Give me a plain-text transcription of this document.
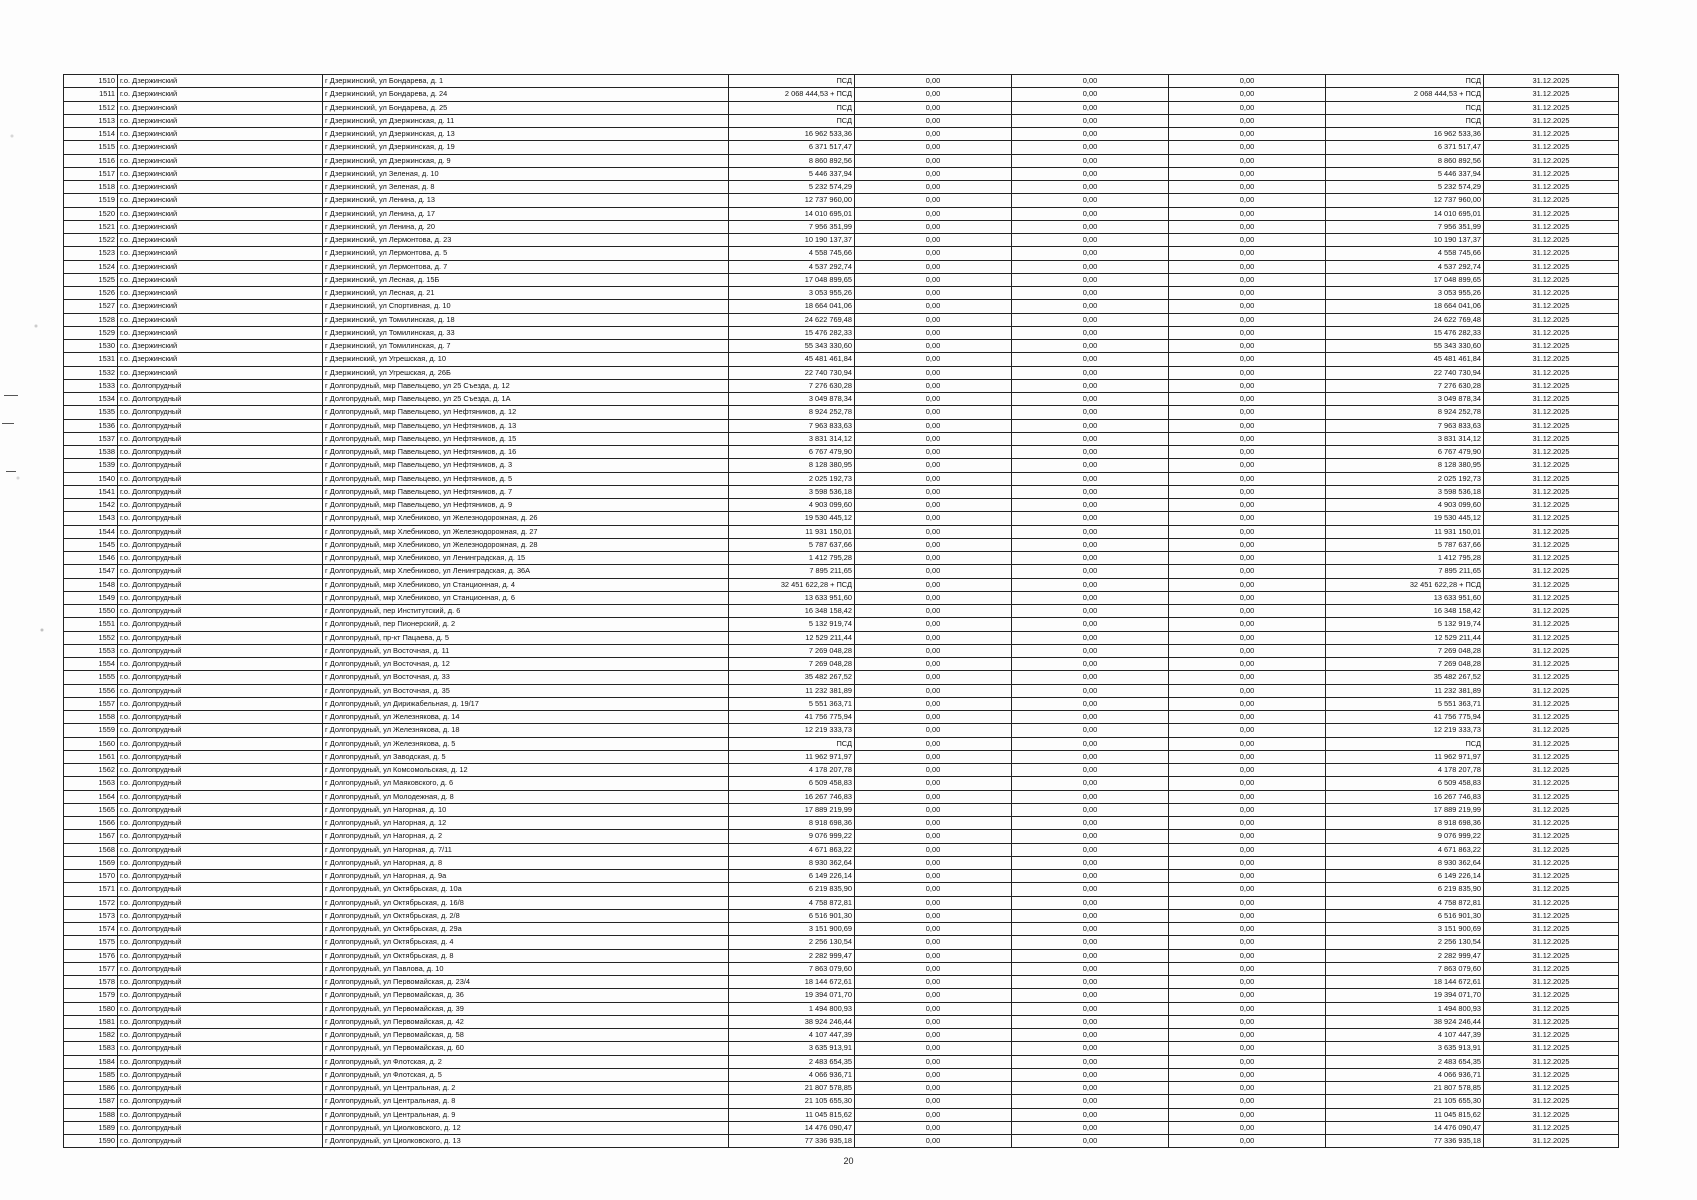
1510	г.о. Дзержинский	г Дзержинский, ул Бондарева, д. 1	ПСД	0,00	0,00	0,00	ПСД	31.12.2025
1511	г.о. Дзержинский	г Дзержинский, ул Бондарева, д. 24	2 068 444,53 + ПСД	0,00	0,00	0,00	2 068 444,53 + ПСД	31.12.2025
1512	г.о. Дзержинский	г Дзержинский, ул Бондарева, д. 25	ПСД	0,00	0,00	0,00	ПСД	31.12.2025
1513	г.о. Дзержинский	г Дзержинский, ул Дзержинская, д. 11	ПСД	0,00	0,00	0,00	ПСД	31.12.2025
1514	г.о. Дзержинский	г Дзержинский, ул Дзержинская, д. 13	16 962 533,36	0,00	0,00	0,00	16 962 533,36	31.12.2025
1515	г.о. Дзержинский	г Дзержинский, ул Дзержинская, д. 19	6 371 517,47	0,00	0,00	0,00	6 371 517,47	31.12.2025
1516	г.о. Дзержинский	г Дзержинский, ул Дзержинская, д. 9	8 860 892,56	0,00	0,00	0,00	8 860 892,56	31.12.2025
1517	г.о. Дзержинский	г Дзержинский, ул Зеленая, д. 10	5 446 337,94	0,00	0,00	0,00	5 446 337,94	31.12.2025
1518	г.о. Дзержинский	г Дзержинский, ул Зеленая, д. 8	5 232 574,29	0,00	0,00	0,00	5 232 574,29	31.12.2025
1519	г.о. Дзержинский	г Дзержинский, ул Ленина, д. 13	12 737 960,00	0,00	0,00	0,00	12 737 960,00	31.12.2025
1520	г.о. Дзержинский	г Дзержинский, ул Ленина, д. 17	14 010 695,01	0,00	0,00	0,00	14 010 695,01	31.12.2025
1521	г.о. Дзержинский	г Дзержинский, ул Ленина, д. 20	7 956 351,99	0,00	0,00	0,00	7 956 351,99	31.12.2025
1522	г.о. Дзержинский	г Дзержинский, ул Лермонтова, д. 23	10 190 137,37	0,00	0,00	0,00	10 190 137,37	31.12.2025
1523	г.о. Дзержинский	г Дзержинский, ул Лермонтова, д. 5	4 558 745,66	0,00	0,00	0,00	4 558 745,66	31.12.2025
1524	г.о. Дзержинский	г Дзержинский, ул Лермонтова, д. 7	4 537 292,74	0,00	0,00	0,00	4 537 292,74	31.12.2025
1525	г.о. Дзержинский	г Дзержинский, ул Лесная, д. 15Б	17 048 899,65	0,00	0,00	0,00	17 048 899,65	31.12.2025
1526	г.о. Дзержинский	г Дзержинский, ул Лесная, д. 21	3 053 955,26	0,00	0,00	0,00	3 053 955,26	31.12.2025
1527	г.о. Дзержинский	г Дзержинский, ул Спортивная, д. 10	18 664 041,06	0,00	0,00	0,00	18 664 041,06	31.12.2025
1528	г.о. Дзержинский	г Дзержинский, ул Томилинская, д. 18	24 622 769,48	0,00	0,00	0,00	24 622 769,48	31.12.2025
1529	г.о. Дзержинский	г Дзержинский, ул Томилинская, д. 33	15 476 282,33	0,00	0,00	0,00	15 476 282,33	31.12.2025
1530	г.о. Дзержинский	г Дзержинский, ул Томилинская, д. 7	55 343 330,60	0,00	0,00	0,00	55 343 330,60	31.12.2025
1531	г.о. Дзержинский	г Дзержинский, ул Угрешская, д. 10	45 481 461,84	0,00	0,00	0,00	45 481 461,84	31.12.2025
1532	г.о. Дзержинский	г Дзержинский, ул Угрешская, д. 26Б	22 740 730,94	0,00	0,00	0,00	22 740 730,94	31.12.2025
1533	г.о. Долгопрудный	г Долгопрудный, мкр Павельцево, ул 25 Съезда, д. 12	7 276 630,28	0,00	0,00	0,00	7 276 630,28	31.12.2025
1534	г.о. Долгопрудный	г Долгопрудный, мкр Павельцево, ул 25 Съезда, д. 1А	3 049 878,34	0,00	0,00	0,00	3 049 878,34	31.12.2025
1535	г.о. Долгопрудный	г Долгопрудный, мкр Павельцево, ул Нефтяников, д. 12	8 924 252,78	0,00	0,00	0,00	8 924 252,78	31.12.2025
1536	г.о. Долгопрудный	г Долгопрудный, мкр Павельцево, ул Нефтяников, д. 13	7 963 833,63	0,00	0,00	0,00	7 963 833,63	31.12.2025
1537	г.о. Долгопрудный	г Долгопрудный, мкр Павельцево, ул Нефтяников, д. 15	3 831 314,12	0,00	0,00	0,00	3 831 314,12	31.12.2025
1538	г.о. Долгопрудный	г Долгопрудный, мкр Павельцево, ул Нефтяников, д. 16	6 767 479,90	0,00	0,00	0,00	6 767 479,90	31.12.2025
1539	г.о. Долгопрудный	г Долгопрудный, мкр Павельцево, ул Нефтяников, д. 3	8 128 380,95	0,00	0,00	0,00	8 128 380,95	31.12.2025
1540	г.о. Долгопрудный	г Долгопрудный, мкр Павельцево, ул Нефтяников, д. 5	2 025 192,73	0,00	0,00	0,00	2 025 192,73	31.12.2025
1541	г.о. Долгопрудный	г Долгопрудный, мкр Павельцево, ул Нефтяников, д. 7	3 598 536,18	0,00	0,00	0,00	3 598 536,18	31.12.2025
1542	г.о. Долгопрудный	г Долгопрудный, мкр Павельцево, ул Нефтяников, д. 9	4 903 099,60	0,00	0,00	0,00	4 903 099,60	31.12.2025
1543	г.о. Долгопрудный	г Долгопрудный, мкр Хлебниково, ул Железнодорожная, д. 26	19 530 445,12	0,00	0,00	0,00	19 530 445,12	31.12.2025
1544	г.о. Долгопрудный	г Долгопрудный, мкр Хлебниково, ул Железнодорожная, д. 27	11 931 150,01	0,00	0,00	0,00	11 931 150,01	31.12.2025
1545	г.о. Долгопрудный	г Долгопрудный, мкр Хлебниково, ул Железнодорожная, д. 28	5 787 637,66	0,00	0,00	0,00	5 787 637,66	31.12.2025
1546	г.о. Долгопрудный	г Долгопрудный, мкр Хлебниково, ул Ленинградская, д. 15	1 412 795,28	0,00	0,00	0,00	1 412 795,28	31.12.2025
1547	г.о. Долгопрудный	г Долгопрудный, мкр Хлебниково, ул Ленинградская, д. 36А	7 895 211,65	0,00	0,00	0,00	7 895 211,65	31.12.2025
1548	г.о. Долгопрудный	г Долгопрудный, мкр Хлебниково, ул Станционная, д. 4	32 451 622,28 + ПСД	0,00	0,00	0,00	32 451 622,28 + ПСД	31.12.2025
1549	г.о. Долгопрудный	г Долгопрудный, мкр Хлебниково, ул Станционная, д. 6	13 633 951,60	0,00	0,00	0,00	13 633 951,60	31.12.2025
1550	г.о. Долгопрудный	г Долгопрудный, пер Институтский, д. 6	16 348 158,42	0,00	0,00	0,00	16 348 158,42	31.12.2025
1551	г.о. Долгопрудный	г Долгопрудный, пер Пионерский, д. 2	5 132 919,74	0,00	0,00	0,00	5 132 919,74	31.12.2025
1552	г.о. Долгопрудный	г Долгопрудный, пр-кт Пацаева, д. 5	12 529 211,44	0,00	0,00	0,00	12 529 211,44	31.12.2025
1553	г.о. Долгопрудный	г Долгопрудный, ул Восточная, д. 11	7 269 048,28	0,00	0,00	0,00	7 269 048,28	31.12.2025
1554	г.о. Долгопрудный	г Долгопрудный, ул Восточная, д. 12	7 269 048,28	0,00	0,00	0,00	7 269 048,28	31.12.2025
1555	г.о. Долгопрудный	г Долгопрудный, ул Восточная, д. 33	35 482 267,52	0,00	0,00	0,00	35 482 267,52	31.12.2025
1556	г.о. Долгопрудный	г Долгопрудный, ул Восточная, д. 35	11 232 381,89	0,00	0,00	0,00	11 232 381,89	31.12.2025
1557	г.о. Долгопрудный	г Долгопрудный, ул Дирижабельная, д. 19/17	5 551 363,71	0,00	0,00	0,00	5 551 363,71	31.12.2025
1558	г.о. Долгопрудный	г Долгопрудный, ул Железнякова, д. 14	41 756 775,94	0,00	0,00	0,00	41 756 775,94	31.12.2025
1559	г.о. Долгопрудный	г Долгопрудный, ул Железнякова, д. 18	12 219 333,73	0,00	0,00	0,00	12 219 333,73	31.12.2025
1560	г.о. Долгопрудный	г Долгопрудный, ул Железнякова, д. 5	ПСД	0,00	0,00	0,00	ПСД	31.12.2025
1561	г.о. Долгопрудный	г Долгопрудный, ул Заводская, д. 5	11 962 971,97	0,00	0,00	0,00	11 962 971,97	31.12.2025
1562	г.о. Долгопрудный	г Долгопрудный, ул Комсомольская, д. 12	4 178 207,78	0,00	0,00	0,00	4 178 207,78	31.12.2025
1563	г.о. Долгопрудный	г Долгопрудный, ул Маяковского, д. 6	6 509 458,83	0,00	0,00	0,00	6 509 458,83	31.12.2025
1564	г.о. Долгопрудный	г Долгопрудный, ул Молодежная, д. 8	16 267 746,83	0,00	0,00	0,00	16 267 746,83	31.12.2025
1565	г.о. Долгопрудный	г Долгопрудный, ул Нагорная, д. 10	17 889 219,99	0,00	0,00	0,00	17 889 219,99	31.12.2025
1566	г.о. Долгопрудный	г Долгопрудный, ул Нагорная, д. 12	8 918 698,36	0,00	0,00	0,00	8 918 698,36	31.12.2025
1567	г.о. Долгопрудный	г Долгопрудный, ул Нагорная, д. 2	9 076 999,22	0,00	0,00	0,00	9 076 999,22	31.12.2025
1568	г.о. Долгопрудный	г Долгопрудный, ул Нагорная, д. 7/11	4 671 863,22	0,00	0,00	0,00	4 671 863,22	31.12.2025
1569	г.о. Долгопрудный	г Долгопрудный, ул Нагорная, д. 8	8 930 362,64	0,00	0,00	0,00	8 930 362,64	31.12.2025
1570	г.о. Долгопрудный	г Долгопрудный, ул Нагорная, д. 9а	6 149 226,14	0,00	0,00	0,00	6 149 226,14	31.12.2025
1571	г.о. Долгопрудный	г Долгопрудный, ул Октябрьская, д. 10а	6 219 835,90	0,00	0,00	0,00	6 219 835,90	31.12.2025
1572	г.о. Долгопрудный	г Долгопрудный, ул Октябрьская, д. 16/8	4 758 872,81	0,00	0,00	0,00	4 758 872,81	31.12.2025
1573	г.о. Долгопрудный	г Долгопрудный, ул Октябрьская, д. 2/8	6 516 901,30	0,00	0,00	0,00	6 516 901,30	31.12.2025
1574	г.о. Долгопрудный	г Долгопрудный, ул Октябрьская, д. 29а	3 151 900,69	0,00	0,00	0,00	3 151 900,69	31.12.2025
1575	г.о. Долгопрудный	г Долгопрудный, ул Октябрьская, д. 4	2 256 130,54	0,00	0,00	0,00	2 256 130,54	31.12.2025
1576	г.о. Долгопрудный	г Долгопрудный, ул Октябрьская, д. 8	2 282 999,47	0,00	0,00	0,00	2 282 999,47	31.12.2025
1577	г.о. Долгопрудный	г Долгопрудный, ул Павлова, д. 10	7 863 079,60	0,00	0,00	0,00	7 863 079,60	31.12.2025
1578	г.о. Долгопрудный	г Долгопрудный, ул Первомайская, д. 23/4	18 144 672,61	0,00	0,00	0,00	18 144 672,61	31.12.2025
1579	г.о. Долгопрудный	г Долгопрудный, ул Первомайская, д. 36	19 394 071,70	0,00	0,00	0,00	19 394 071,70	31.12.2025
1580	г.о. Долгопрудный	г Долгопрудный, ул Первомайская, д. 39	1 494 800,93	0,00	0,00	0,00	1 494 800,93	31.12.2025
1581	г.о. Долгопрудный	г Долгопрудный, ул Первомайская, д. 42	38 924 246,44	0,00	0,00	0,00	38 924 246,44	31.12.2025
1582	г.о. Долгопрудный	г Долгопрудный, ул Первомайская, д. 58	4 107 447,39	0,00	0,00	0,00	4 107 447,39	31.12.2025
1583	г.о. Долгопрудный	г Долгопрудный, ул Первомайская, д. 60	3 635 913,91	0,00	0,00	0,00	3 635 913,91	31.12.2025
1584	г.о. Долгопрудный	г Долгопрудный, ул Флотская, д. 2	2 483 654,35	0,00	0,00	0,00	2 483 654,35	31.12.2025
1585	г.о. Долгопрудный	г Долгопрудный, ул Флотская, д. 5	4 066 936,71	0,00	0,00	0,00	4 066 936,71	31.12.2025
1586	г.о. Долгопрудный	г Долгопрудный, ул Центральная, д. 2	21 807 578,85	0,00	0,00	0,00	21 807 578,85	31.12.2025
1587	г.о. Долгопрудный	г Долгопрудный, ул Центральная, д. 8	21 105 655,30	0,00	0,00	0,00	21 105 655,30	31.12.2025
1588	г.о. Долгопрудный	г Долгопрудный, ул Центральная, д. 9	11 045 815,62	0,00	0,00	0,00	11 045 815,62	31.12.2025
1589	г.о. Долгопрудный	г Долгопрудный, ул Циолковского, д. 12	14 476 090,47	0,00	0,00	0,00	14 476 090,47	31.12.2025
1590	г.о. Долгопрудный	г Долгопрудный, ул Циолковского, д. 13	77 336 935,18	0,00	0,00	0,00	77 336 935,18	31.12.2025
20
